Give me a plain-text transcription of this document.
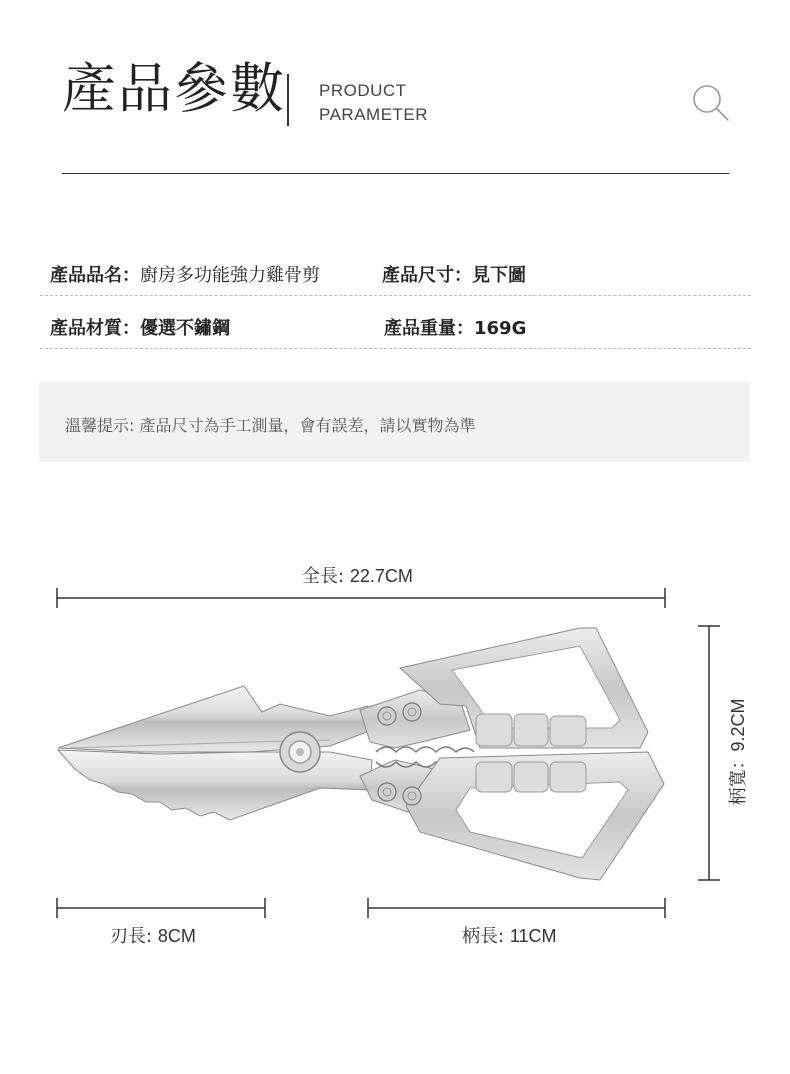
產品參數 PRODUCT
PARAMETER
產品品名：廚房多功能強力雞骨剪	產品尺寸：見下圖
產品材質：優選不鏽鋼	產品重量：169G
溫馨提示: 產品尺寸為手工測量，會有誤差，請以實物為準
全長: 22.7CM
刃長: 8CM	柄長: 11CM
柄寬：9.2CM
